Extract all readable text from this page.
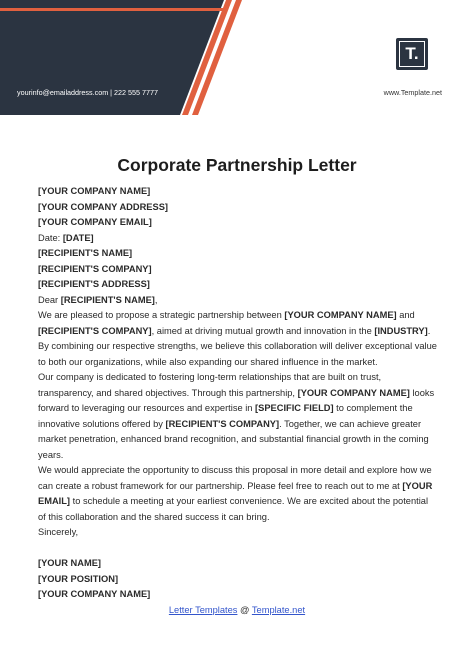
yourinfo@emailaddress.com | 222 555 7777
T.
www.Template.net
Corporate Partnership Letter

[YOUR COMPANY NAME]
[YOUR COMPANY ADDRESS]
[YOUR COMPANY EMAIL]
Date: [DATE]
[RECIPIENT'S NAME]
[RECIPIENT'S COMPANY]
[RECIPIENT'S ADDRESS]
Dear [RECIPIENT'S NAME],

We are pleased to propose a strategic partnership between [YOUR COMPANY NAME] and [RECIPIENT'S COMPANY], aimed at driving mutual growth and innovation in the [INDUSTRY]. By combining our respective strengths, we believe this collaboration will deliver exceptional value to both our organizations, while also expanding our shared influence in the market.

Our company is dedicated to fostering long-term relationships that are built on trust, transparency, and shared objectives. Through this partnership, [YOUR COMPANY NAME] looks forward to leveraging our resources and expertise in [SPECIFIC FIELD] to complement the innovative solutions offered by [RECIPIENT'S COMPANY]. Together, we can achieve greater market penetration, enhanced brand recognition, and substantial financial growth in the coming years.

We would appreciate the opportunity to discuss this proposal in more detail and explore how we can create a robust framework for our partnership. Please feel free to reach out to me at [YOUR EMAIL] to schedule a meeting at your earliest convenience. We are excited about the potential of this collaboration and the shared success it can bring.

Sincerely,

[YOUR NAME]
[YOUR POSITION]
[YOUR COMPANY NAME]

Letter Templates @ Template.net
